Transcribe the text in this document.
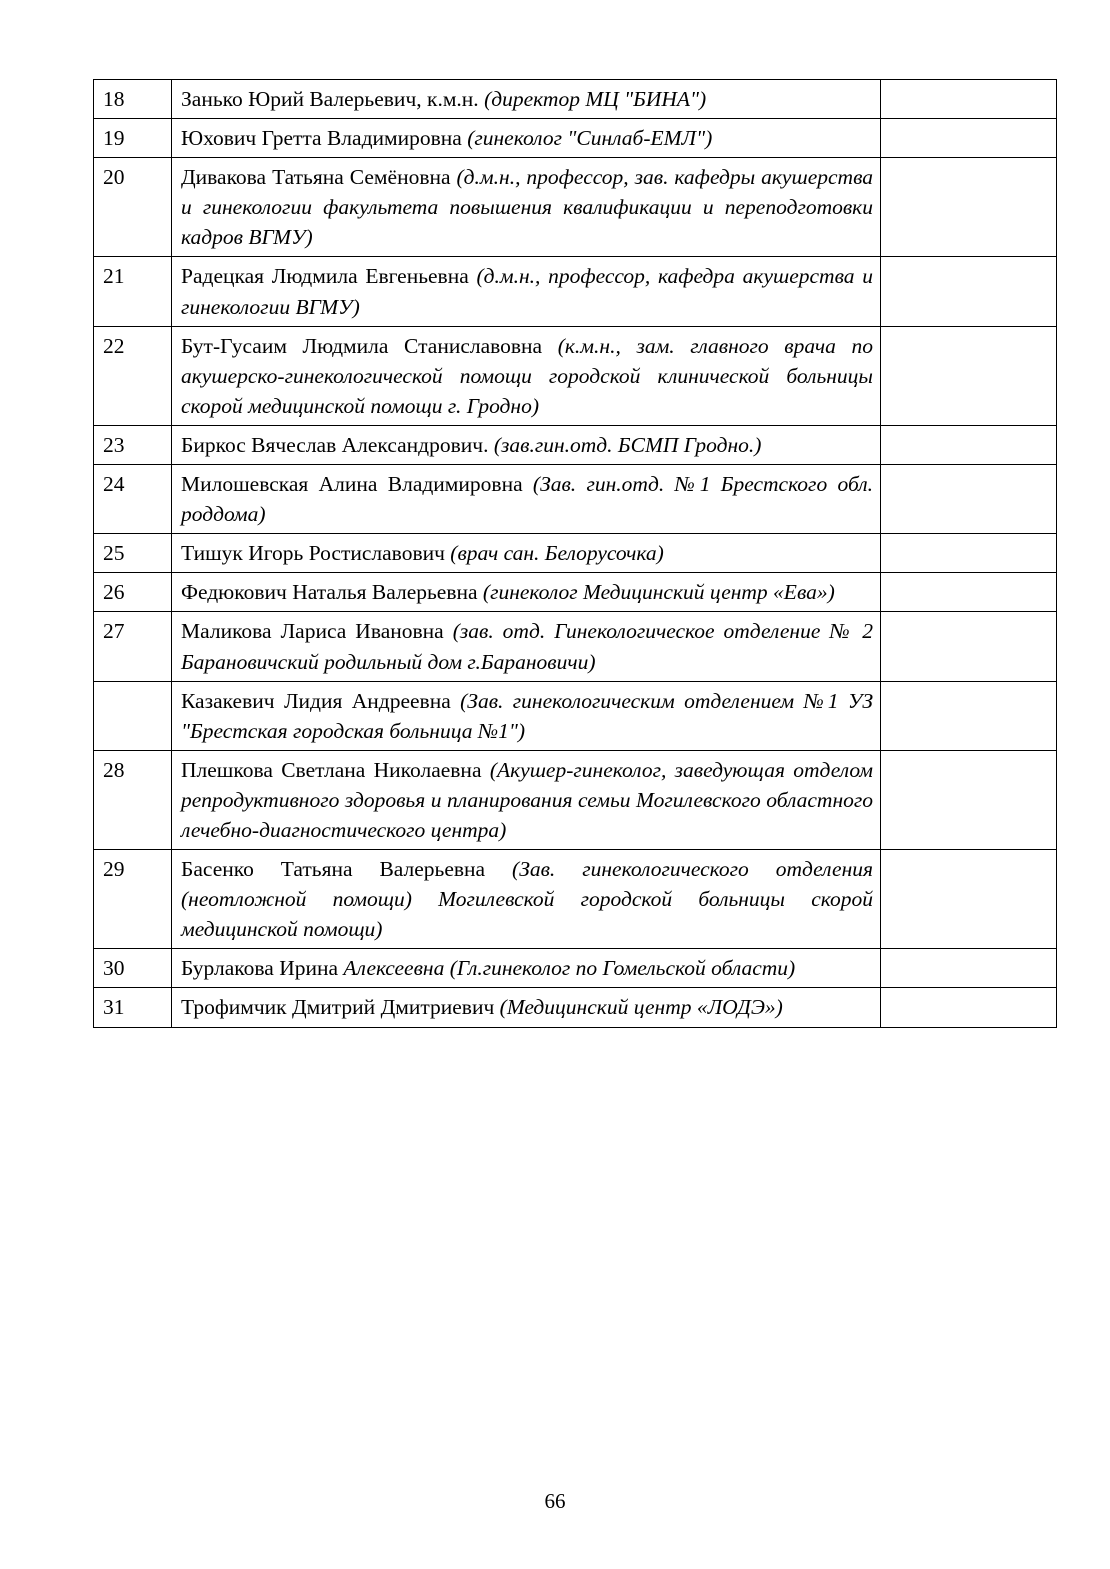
18	Занько Юрий Валерьевич, к.м.н. (директор МЦ "БИНА")	

19	Юхович Гретта Владимировна (гинеколог "Синлаб-ЕМЛ")	

20	Дивакова Татьяна Семёновна (д.м.н., профессор, зав. кафедры акушерства и гинекологии факультета повышения квалификации и переподготовки кадров ВГМУ)	

21	Радецкая Людмила Евгеньевна (д.м.н., профессор, кафедра акушерства и гинекологии ВГМУ)	

22	Бут-Гусаим Людмила Станиславовна (к.м.н., зам. главного врача по акушерско-гинекологической помощи городской клинической больницы скорой медицинской помощи г. Гродно)	

23	Биркос Вячеслав Александрович. (зав.гин.отд. БСМП Гродно.)	

24	Милошевская Алина Владимировна (Зав. гин.отд. №1 Брестского обл. роддома)	

25	Тишук Игорь Ростиславович (врач сан. Белорусочка)	

26	Федюкович Наталья Валерьевна (гинеколог Медицинский центр «Ева»)	

27	Маликова Лариса Ивановна (зав. отд. Гинекологическое отделение № 2 Барановичский родильный дом г.Барановичи)	

	Казакевич Лидия Андреевна (Зав. гинекологическим отделением №1 УЗ "Брестская городская больница №1")	

28	Плешкова Светлана Николаевна (Акушер-гинеколог, заведующая отделом репродуктивного здоровья и планирования семьи Могилевского областного лечебно-диагностического центра)	

29	Басенко Татьяна Валерьевна (Зав. гинекологического отделения (неотложной помощи) Могилевской городской больницы скорой медицинской помощи)	

30	Бурлакова Ирина Алексеевна (Гл.гинеколог по Гомельской области)	

31	Трофимчик Дмитрий Дмитриевич (Медицинский центр «ЛОДЭ»)	

66
